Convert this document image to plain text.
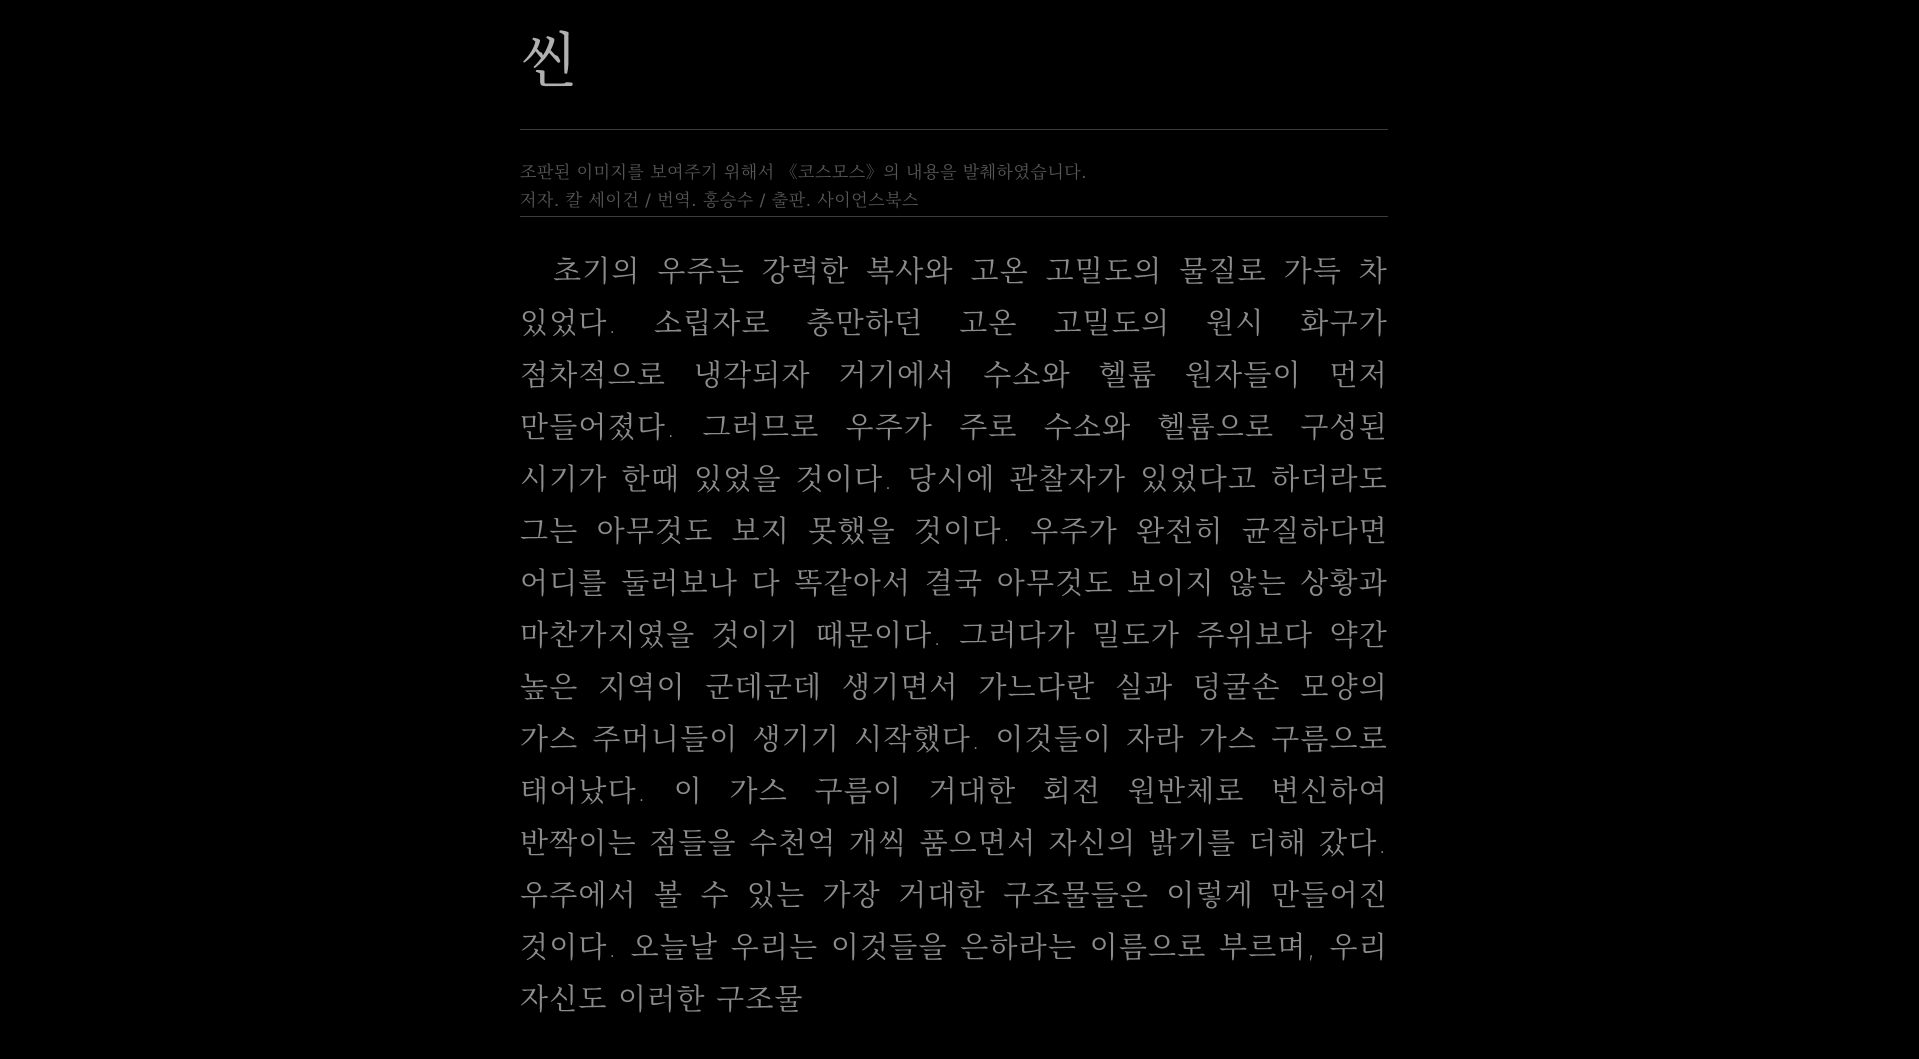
씬
조판된 이미지를 보여주기 위해서 《코스모스》의 내용을 발췌하였습니다.
저자. 칼 세이건 / 번역. 홍승수 / 출판. 사이언스북스

초기의 우주는 강력한 복사와 고온 고밀도의 물질로 가득 차 있었다. 소립자로 충만하던 고온 고밀도의 원시 화구가 점차적으로 냉각되자 거기에서 수소와 헬륨 원자들이 먼저 만들어졌다. 그러므로 우주가 주로 수소와 헬륨으로 구성된 시기가 한때 있었을 것이다. 당시에 관찰자가 있었다고 하더라도 그는 아무것도 보지 못했을 것이다. 우주가 완전히 균질하다면 어디를 둘러보나 다 똑같아서 결국 아무것도 보이지 않는 상황과 마찬가지였을 것이기 때문이다. 그러다가 밀도가 주위보다 약간 높은 지역이 군데군데 생기면서 가느다란 실과 덩굴손 모양의 가스 주머니들이 생기기 시작했다. 이것들이 자라 가스 구름으로 태어났다. 이 가스 구름이 거대한 회전 원반체로 변신하여 반짝이는 점들을 수천억 개씩 품으면서 자신의 밝기를 더해 갔다. 우주에서 볼 수 있는 가장 거대한 구조물들은 이렇게 만들어진 것이다. 오늘날 우리는 이것들을 은하라는 이름으로 부르며, 우리 자신도 이러한 구조물
